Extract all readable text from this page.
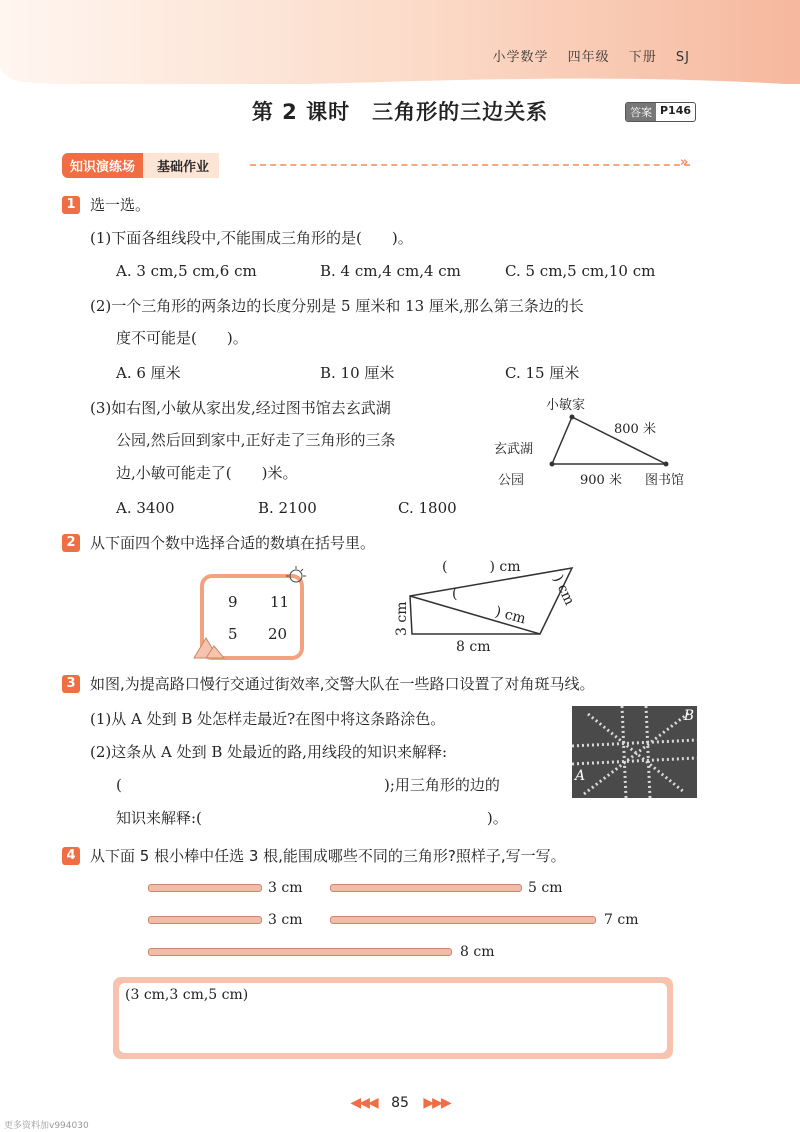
小学数学 四年级 下册 SJ
第 2 课时　三角形的三边关系	答案 P146
知识演练场	基础作业	»
1 选一选。
(1)下面各组线段中,不能围成三角形的是(　　)。
A. 3 cm,5 cm,6 cm	B. 4 cm,4 cm,4 cm	C. 5 cm,5 cm,10 cm
(2)一个三角形的两条边的长度分别是 5 厘米和 13 厘米,那么第三条边的长
度不可能是(　　)。
A. 6 厘米	B. 10 厘米	C. 15 厘米
(3)如右图,小敏从家出发,经过图书馆去玄武湖
公园,然后回到家中,正好走了三角形的三条
边,小敏可能走了(　　)米。
A. 3400	B. 2100	C. 1800
小敏家
800 米
玄武湖
公园	900 米 图书馆
2 从下面四个数中选择合适的数填在括号里。
9 11
5 20
(　　　) cm
) cm
(
) cm
3 cm
8 cm
3 如图,为提高路口慢行交通过街效率,交警大队在一些路口设置了对角斑马线。
(1)从 A 处到 B 处怎样走最近?在图中将这条路涂色。
(2)这条从 A 处到 B 处最近的路,用线段的知识来解释:
(	);用三角形的边的
知识来解释:(　　　　　　　　　　　　　　　　　　　)。
B
A
4 从下面 5 根小棒中任选 3 根,能围成哪些不同的三角形?照样子,写一写。
3 cm	5 cm
3 cm	7 cm
8 cm
(3 cm,3 cm,5 cm)
◀◀◀ 85 ▶▶▶
更多资料加v994030
